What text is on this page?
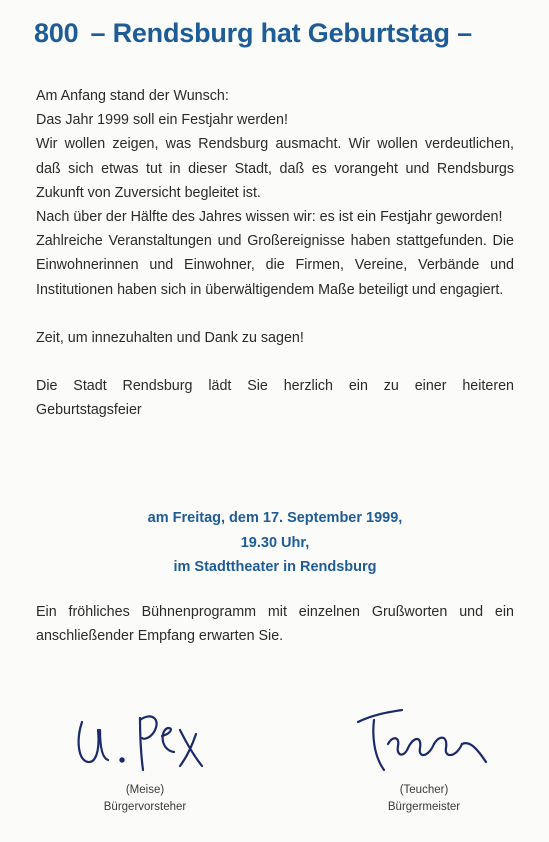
800 – Rendsburg hat Geburtstag –

Am Anfang stand der Wunsch:

Das Jahr 1999 soll ein Festjahr werden!

Wir wollen zeigen, was Rendsburg ausmacht. Wir wollen verdeutlichen, daß sich etwas tut in dieser Stadt, daß es vorangeht und Rendsburgs Zukunft von Zuversicht begleitet ist.

Nach über der Hälfte des Jahres wissen wir: es ist ein Festjahr geworden!

Zahlreiche Veranstaltungen und Großereignisse haben stattgefunden. Die Einwohnerinnen und Einwohner, die Firmen, Vereine, Verbände und Institutionen haben sich in überwältigendem Maße beteiligt und engagiert.

Zeit, um innezuhalten und Dank zu sagen!

Die Stadt Rendsburg lädt Sie herzlich ein zu einer heiteren Geburtstagsfeier

am Freitag, dem 17. September 1999,
19.30 Uhr,
im Stadttheater in Rendsburg
Ein fröhliches Bühnenprogramm mit einzelnen Grußworten und ein anschließender Empfang erwarten Sie.
(Meise)
Bürgervorsteher
(Teucher)
Bürgermeister
